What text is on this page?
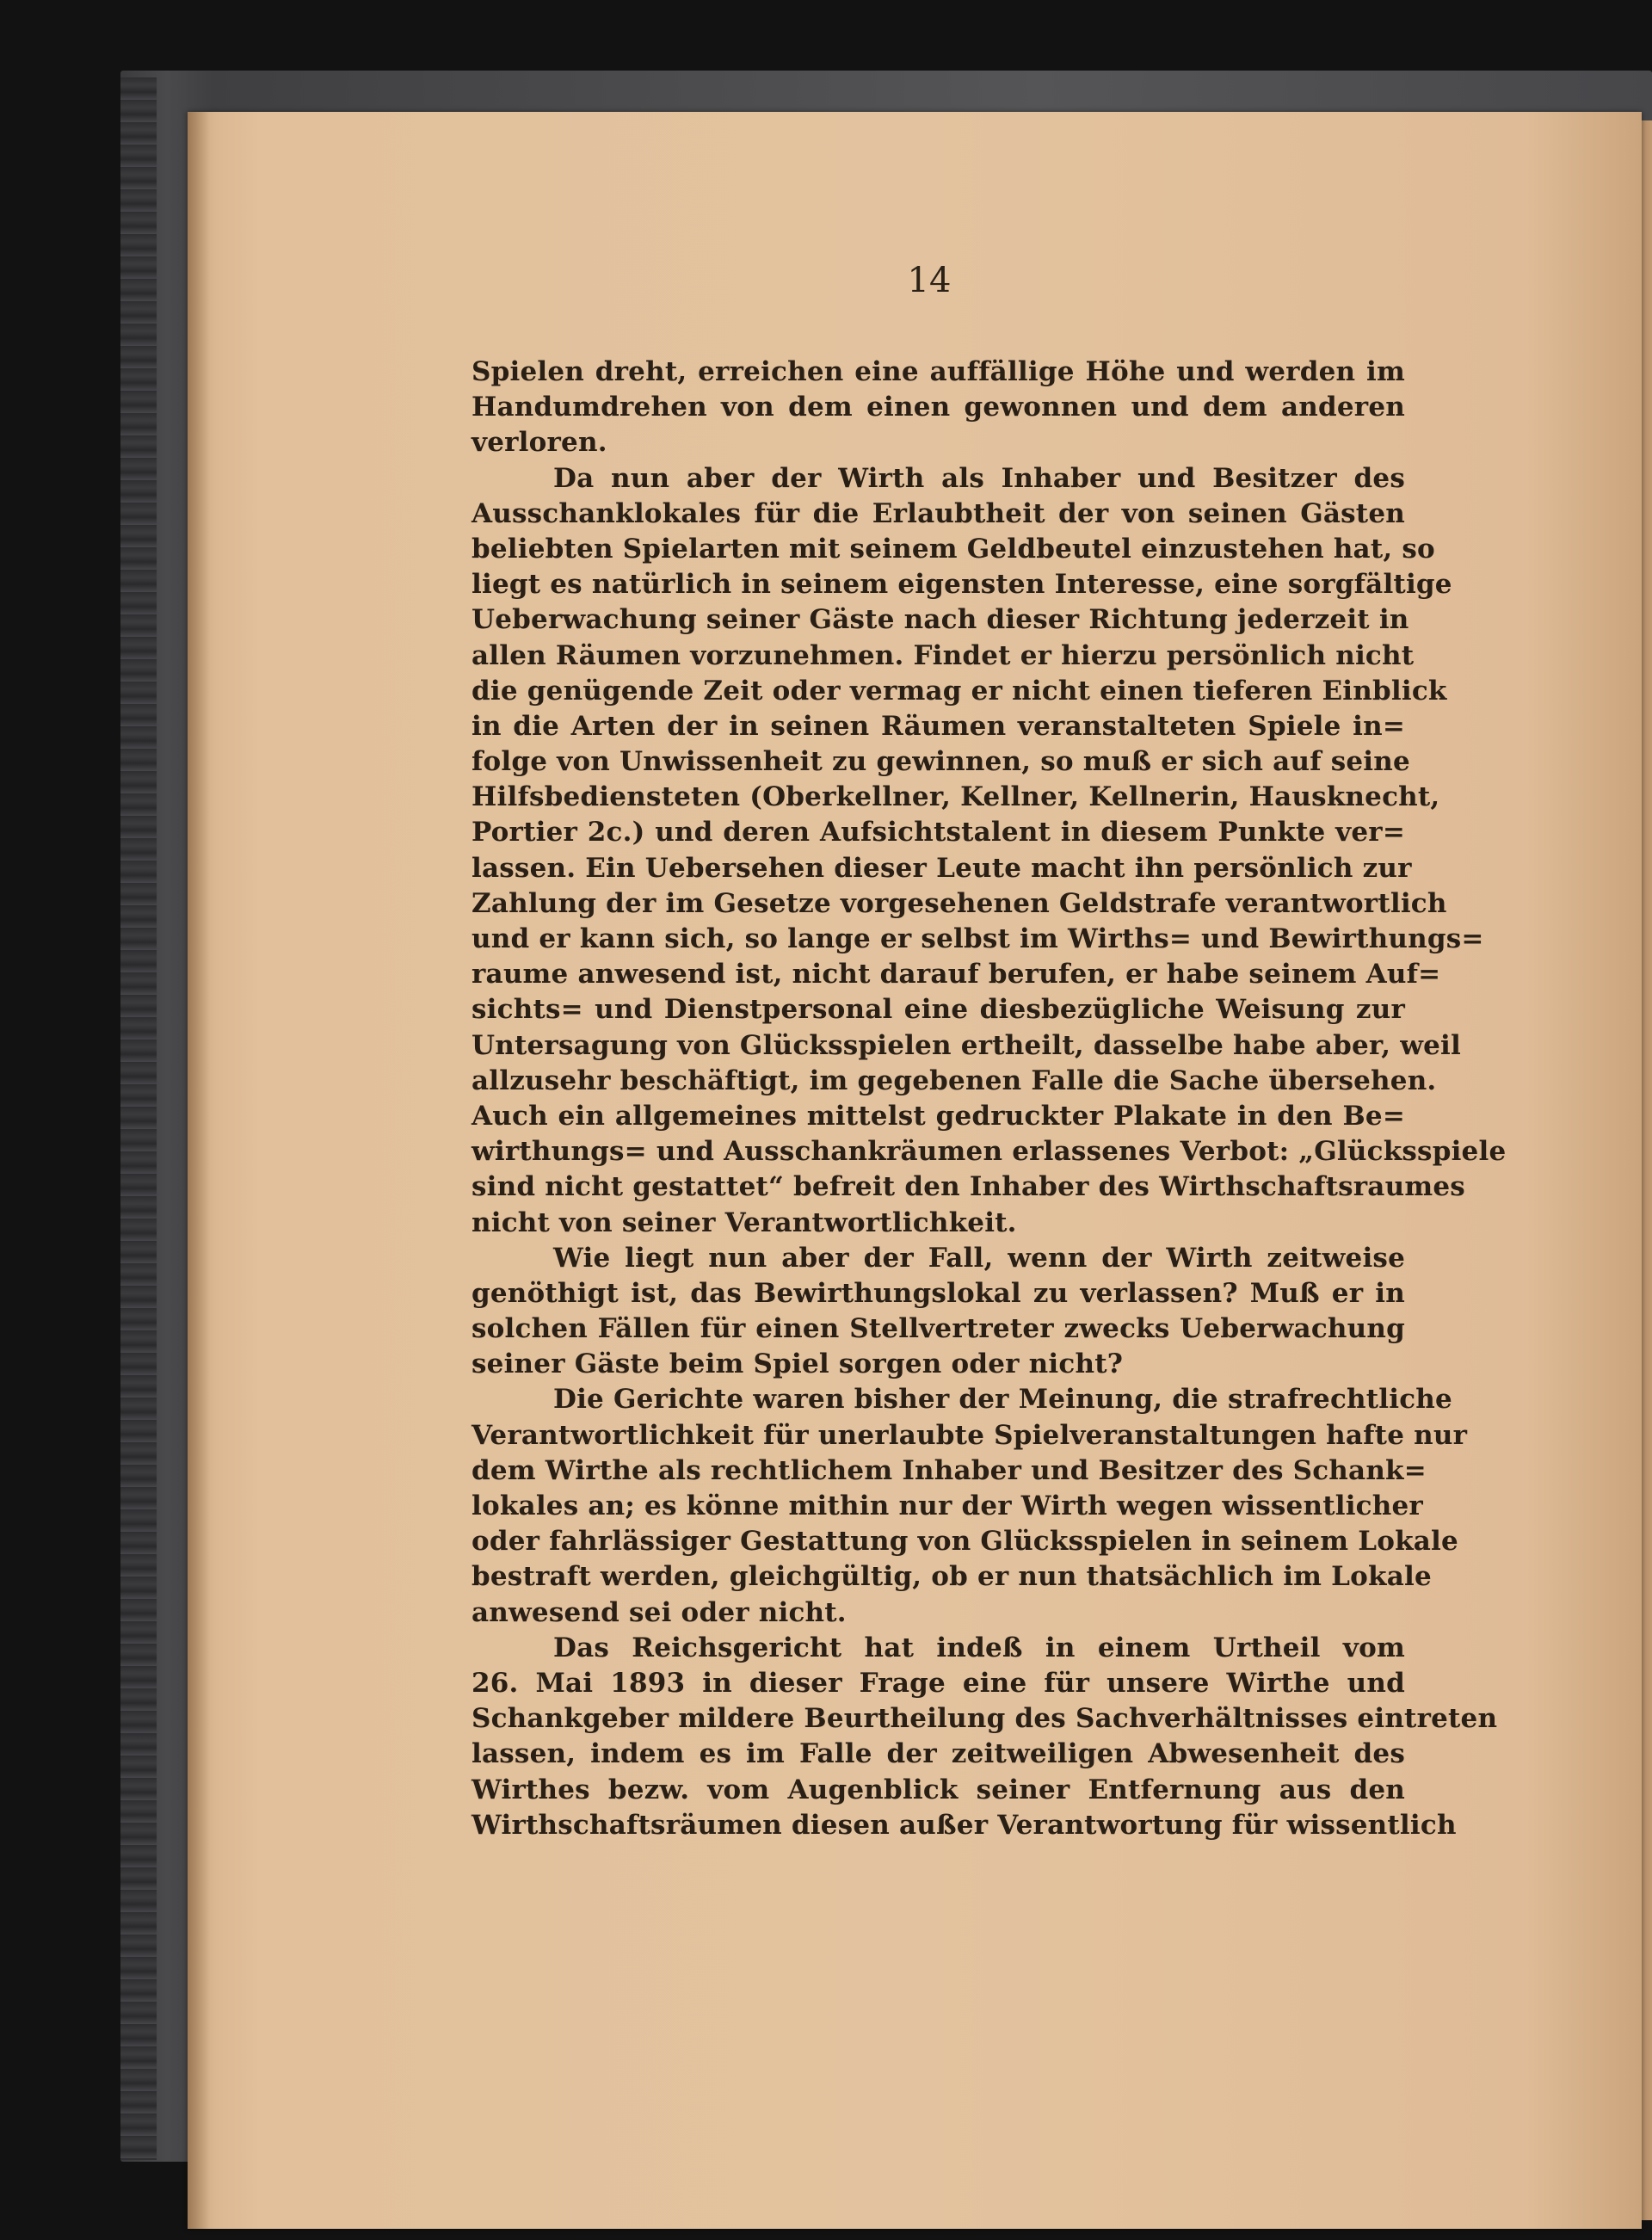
14
Spielen dreht, erreichen eine auffällige Höhe und werden im
Handumdrehen von dem einen gewonnen und dem anderen
verloren.
Da nun aber der Wirth als Inhaber und Besitzer des
Ausschanklokales für die Erlaubtheit der von seinen Gästen
beliebten Spielarten mit seinem Geldbeutel einzustehen hat, so
liegt es natürlich in seinem eigensten Interesse, eine sorgfältige
Ueberwachung seiner Gäste nach dieser Richtung jederzeit in
allen Räumen vorzunehmen. Findet er hierzu persönlich nicht
die genügende Zeit oder vermag er nicht einen tieferen Einblick
in die Arten der in seinen Räumen veranstalteten Spiele in=
folge von Unwissenheit zu gewinnen, so muß er sich auf seine
Hilfsbediensteten (Oberkellner, Kellner, Kellnerin, Hausknecht,
Portier 2c.) und deren Aufsichtstalent in diesem Punkte ver=
lassen. Ein Uebersehen dieser Leute macht ihn persönlich zur
Zahlung der im Gesetze vorgesehenen Geldstrafe verantwortlich
und er kann sich, so lange er selbst im Wirths= und Bewirthungs=
raume anwesend ist, nicht darauf berufen, er habe seinem Auf=
sichts= und Dienstpersonal eine diesbezügliche Weisung zur
Untersagung von Glücksspielen ertheilt, dasselbe habe aber, weil
allzusehr beschäftigt, im gegebenen Falle die Sache übersehen.
Auch ein allgemeines mittelst gedruckter Plakate in den Be=
wirthungs= und Ausschankräumen erlassenes Verbot: „Glücksspiele
sind nicht gestattet“ befreit den Inhaber des Wirthschaftsraumes
nicht von seiner Verantwortlichkeit.
Wie liegt nun aber der Fall, wenn der Wirth zeitweise
genöthigt ist, das Bewirthungslokal zu verlassen? Muß er in
solchen Fällen für einen Stellvertreter zwecks Ueberwachung
seiner Gäste beim Spiel sorgen oder nicht?
Die Gerichte waren bisher der Meinung, die strafrechtliche
Verantwortlichkeit für unerlaubte Spielveranstaltungen hafte nur
dem Wirthe als rechtlichem Inhaber und Besitzer des Schank=
lokales an; es könne mithin nur der Wirth wegen wissentlicher
oder fahrlässiger Gestattung von Glücksspielen in seinem Lokale
bestraft werden, gleichgültig, ob er nun thatsächlich im Lokale
anwesend sei oder nicht.
Das Reichsgericht hat indeß in einem Urtheil vom
26. Mai 1893 in dieser Frage eine für unsere Wirthe und
Schankgeber mildere Beurtheilung des Sachverhältnisses eintreten
lassen, indem es im Falle der zeitweiligen Abwesenheit des
Wirthes bezw. vom Augenblick seiner Entfernung aus den
Wirthschaftsräumen diesen außer Verantwortung für wissentlich
